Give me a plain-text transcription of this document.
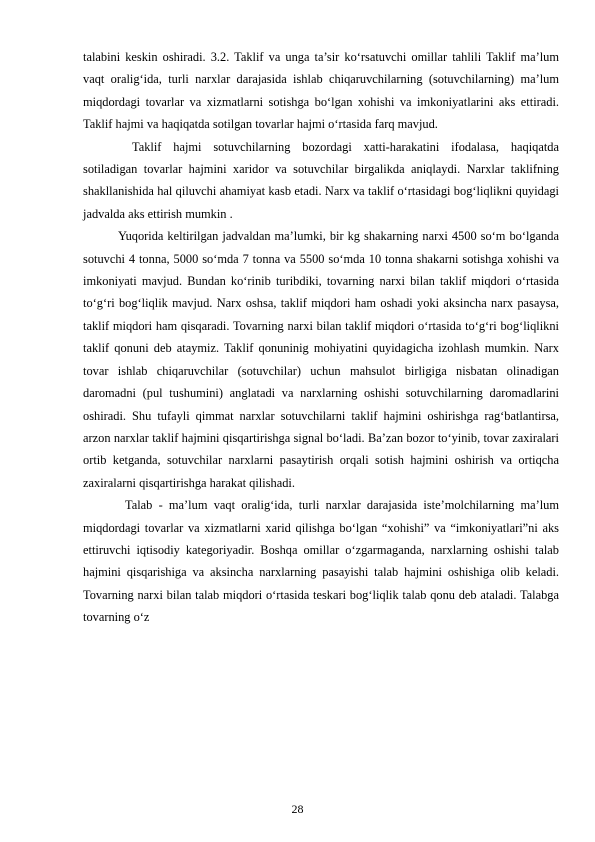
talabini keskin oshiradi. 3.2. Taklif va unga ta’sir ko‘rsatuvchi omillar tahlili Taklif ma’lum vaqt oralig‘ida, turli narxlar darajasida ishlab chiqaruvchilarning (sotuvchilarning) ma’lum miqdordagi tovarlar va xizmatlarni sotishga bo‘lgan xohishi va imkoniyatlarini aks ettiradi. Taklif hajmi va haqiqatda sotilgan tovarlar hajmi o‘rtasida farq mavjud.

Taklif hajmi sotuvchilarning bozordagi xatti-harakatini ifodalasa, haqiqatda sotiladigan tovarlar hajmini xaridor va sotuvchilar birgalikda aniqlaydi. Narxlar taklifning shakllanishida hal qiluvchi ahamiyat kasb etadi. Narx va taklif o‘rtasidagi bog‘liqlikni quyidagi jadvalda aks ettirish mumkin .

Yuqorida keltirilgan jadvaldan ma’lumki, bir kg shakarning narxi 4500 so‘m bo‘lganda sotuvchi 4 tonna, 5000 so‘mda 7 tonna va 5500 so‘mda 10 tonna shakarni sotishga xohishi va imkoniyati mavjud. Bundan ko‘rinib turibdiki, tovarning narxi bilan taklif miqdori o‘rtasida to‘g‘ri bog‘liqlik mavjud. Narx oshsa, taklif miqdori ham oshadi yoki aksincha narx pasaysa, taklif miqdori ham qisqaradi. Tovarning narxi bilan taklif miqdori o‘rtasida to‘g‘ri bog‘liqlikni taklif qonuni deb ataymiz. Taklif qonuninig mohiyatini quyidagicha izohlash mumkin. Narx tovar ishlab chiqaruvchilar (sotuvchilar) uchun mahsulot birligiga nisbatan olinadigan daromadni (pul tushumini) anglatadi va narxlarning oshishi sotuvchilarning daromadlarini oshiradi. Shu tufayli qimmat narxlar sotuvchilarni taklif hajmini oshirishga rag‘batlantirsa, arzon narxlar taklif hajmini qisqartirishga signal bo‘ladi. Ba’zan bozor to‘yinib, tovar zaxiralari ortib ketganda, sotuvchilar narxlarni pasaytirish orqali sotish hajmini oshirish va ortiqcha zaxiralarni qisqartirishga harakat qilishadi.

Talab - ma’lum vaqt oralig‘ida, turli narxlar darajasida iste’molchilarning ma’lum miqdordagi tovarlar va xizmatlarni xarid qilishga bo‘lgan “xohishi” va “imkoniyatlari”ni aks ettiruvchi iqtisodiy kategoriyadir. Boshqa omillar o‘zgarmaganda, narxlarning oshishi talab hajmini qisqarishiga va aksincha narxlarning pasayishi talab hajmini oshishiga olib keladi. Tovarning narxi bilan talab miqdori o‘rtasida teskari bog‘liqlik talab qonu deb ataladi. Talabga tovarning o‘z

28
